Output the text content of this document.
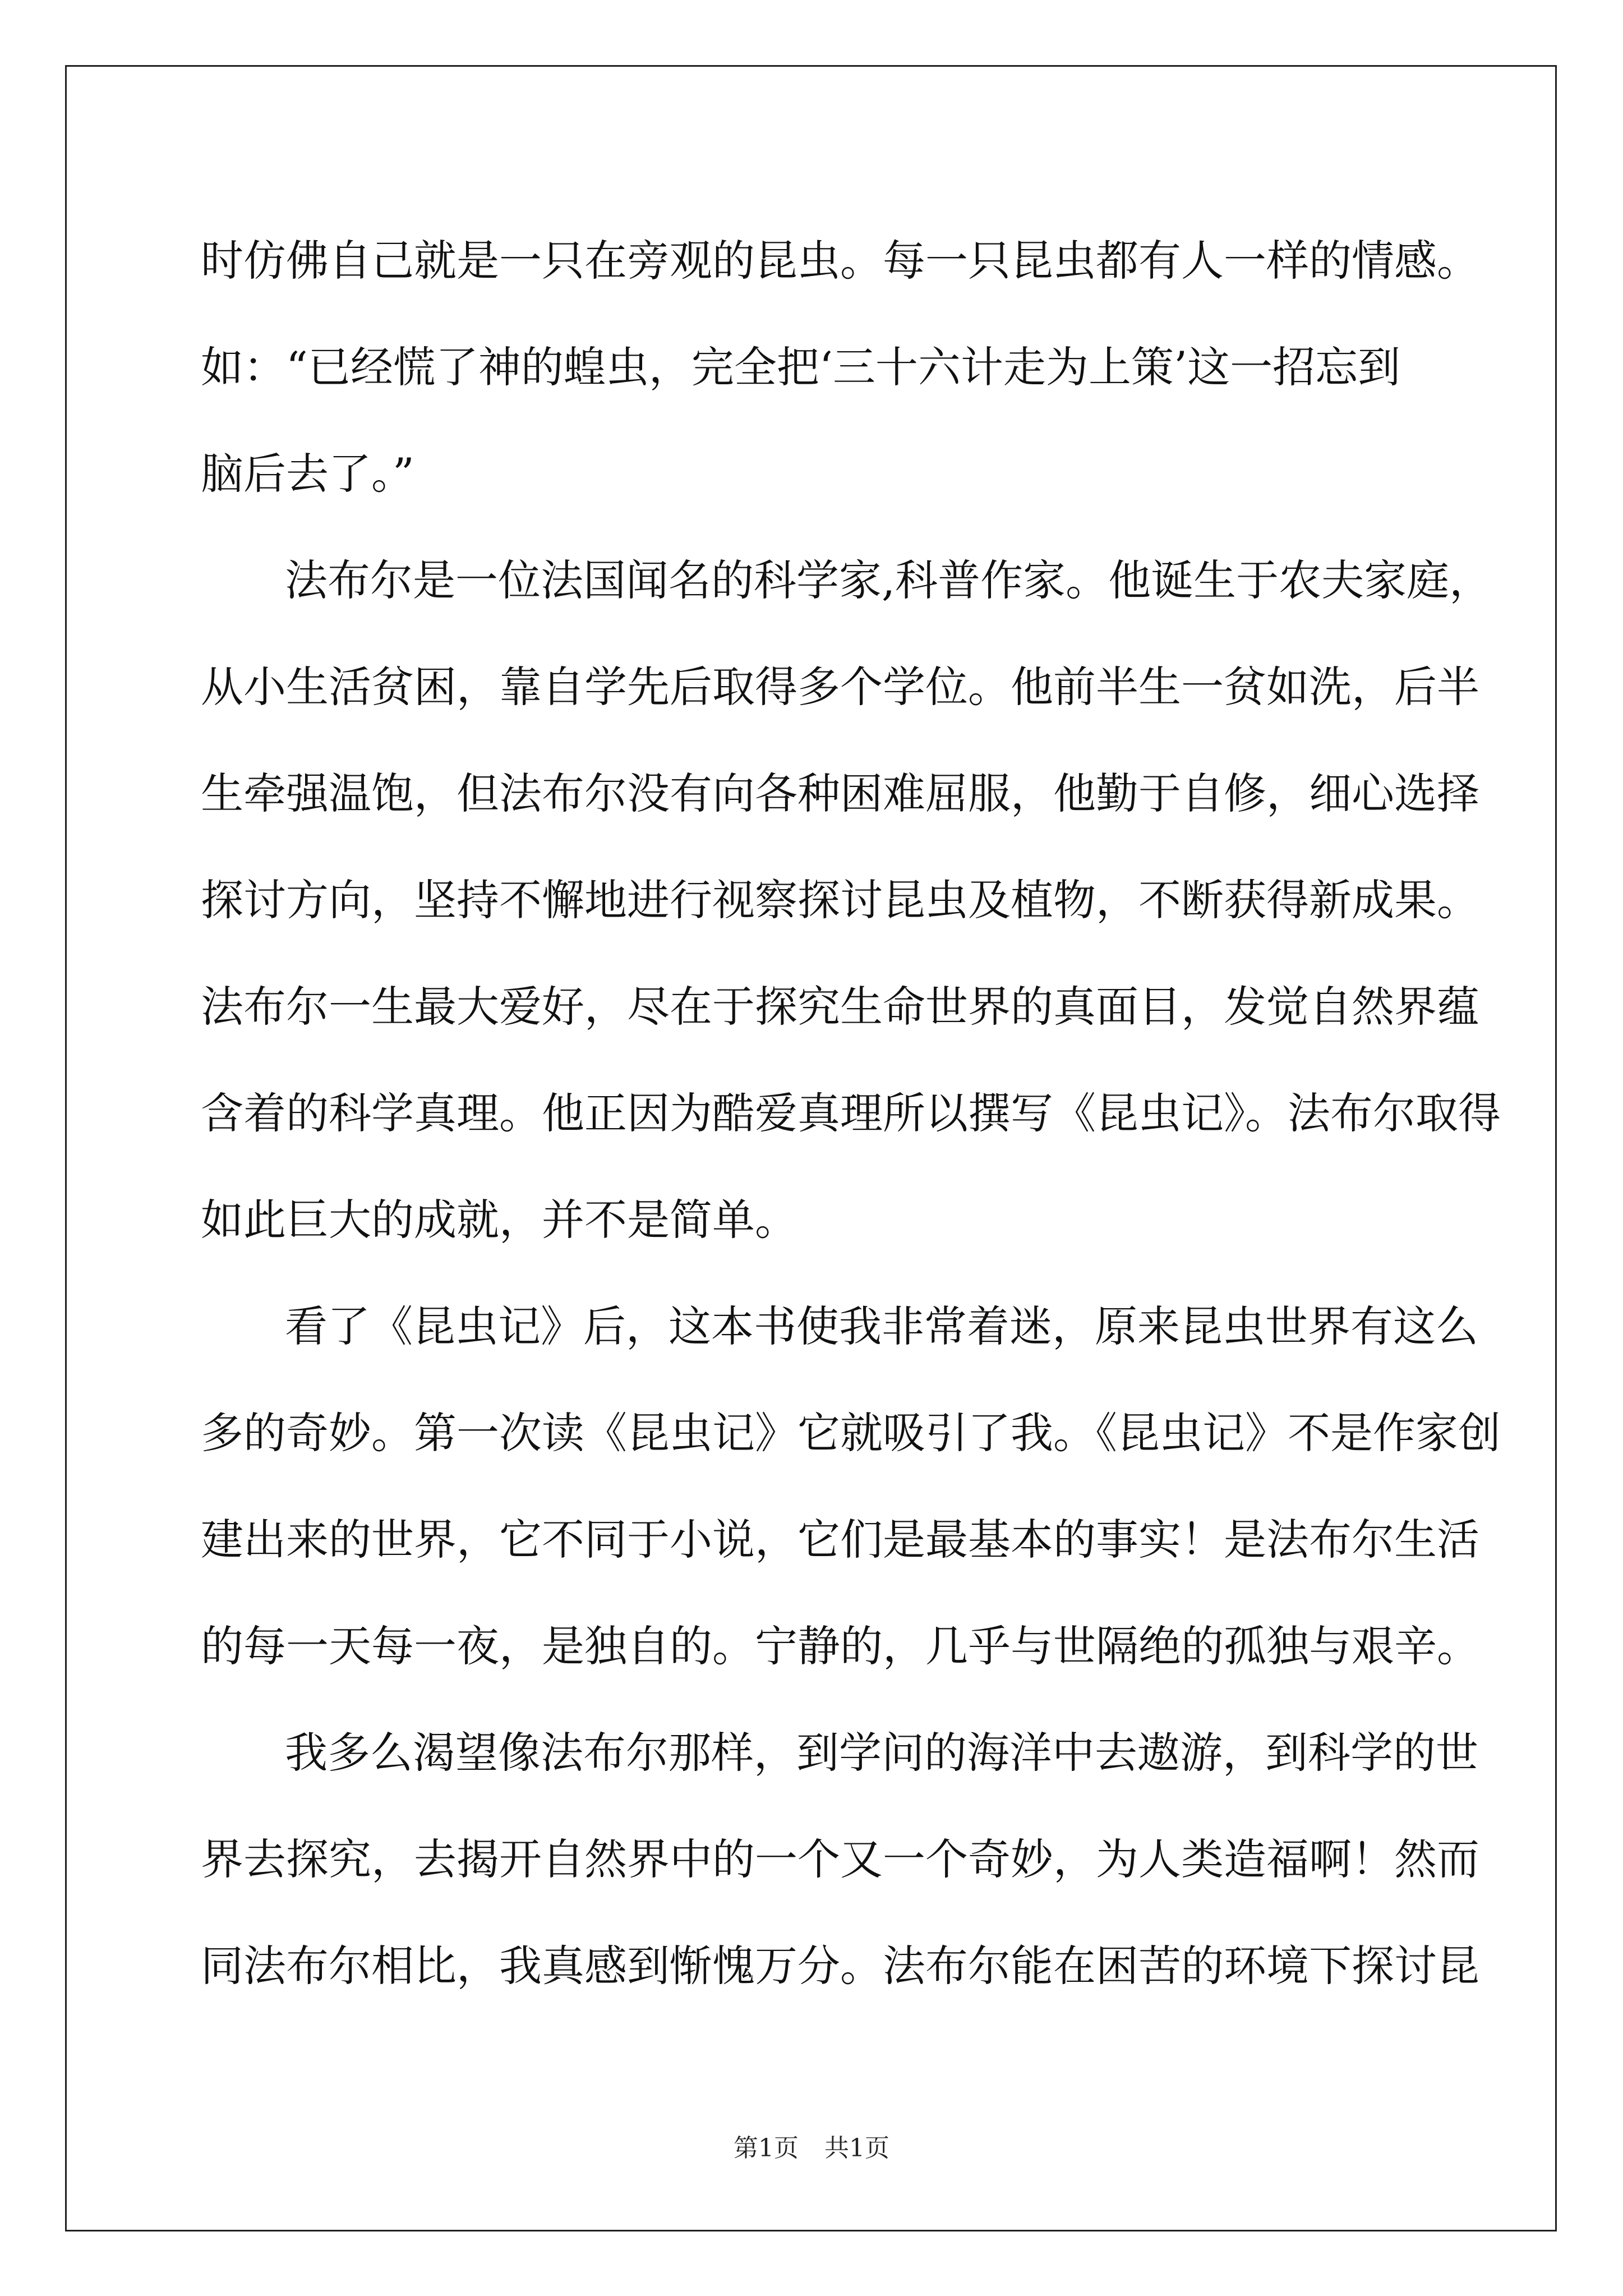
时仿佛自己就是一只在旁观的昆虫。每一只昆虫都有人一样的情感。
如：“已经慌了神的蝗虫，完全把‘三十六计走为上策’这一招忘到
脑后去了。”
法布尔是一位法国闻名的科学家,科普作家。他诞生于农夫家庭，
从小生活贫困，靠自学先后取得多个学位。他前半生一贫如洗，后半
生牵强温饱，但法布尔没有向各种困难屈服，他勤于自修，细心选择
探讨方向，坚持不懈地进行视察探讨昆虫及植物，不断获得新成果。
法布尔一生最大爱好，尽在于探究生命世界的真面目，发觉自然界蕴
含着的科学真理。他正因为酷爱真理所以撰写《昆虫记》。法布尔取得
如此巨大的成就，并不是简单。
看了《昆虫记》后，这本书使我非常着迷，原来昆虫世界有这么
多的奇妙。第一次读《昆虫记》它就吸引了我。《昆虫记》不是作家创
建出来的世界，它不同于小说，它们是最基本的事实！是法布尔生活
的每一天每一夜，是独自的。宁静的，几乎与世隔绝的孤独与艰辛。
我多么渴望像法布尔那样，到学问的海洋中去遨游，到科学的世
界去探究，去揭开自然界中的一个又一个奇妙，为人类造福啊！然而
同法布尔相比，我真感到惭愧万分。法布尔能在困苦的环境下探讨昆
第1页 共1页
